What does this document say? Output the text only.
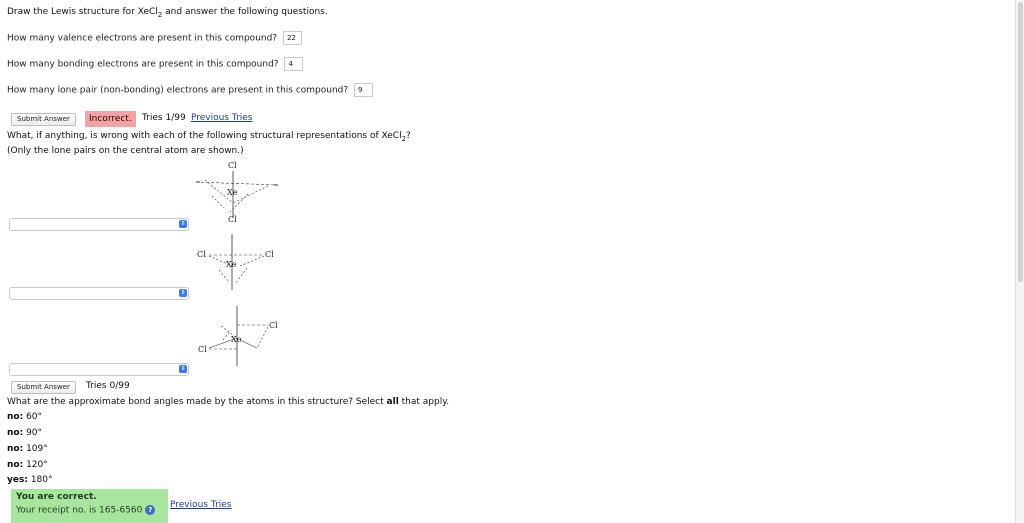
Draw the Lewis structure for XeCl$_2$ and answer the following questions.
How many valence electrons are present in this compound? 22
How many bonding electrons are present in this compound? 4
How many lone pair (non-bonding) electrons are present in this compound? 9
Submit Answer	Incorrect.	Tries 1/99 Previous Tries
What, if anything, is wrong with each of the following structural representations of XeCl$_2$?
(Only the lone pairs on the central atom are shown.)
Cl
Xe
Cl
Cl	Cl
Xe
Cl
Cl
Xe
⇕
⇕
⇕
Submit Answer	Tries 0/99
What are the approximate bond angles made by the atoms in this structure? Select all that apply.
no: 60°
no: 90°
no: 109°
no: 120°
yes: 180°
You are correct.
Your receipt no. is 165-6560 ?	Previous Tries
